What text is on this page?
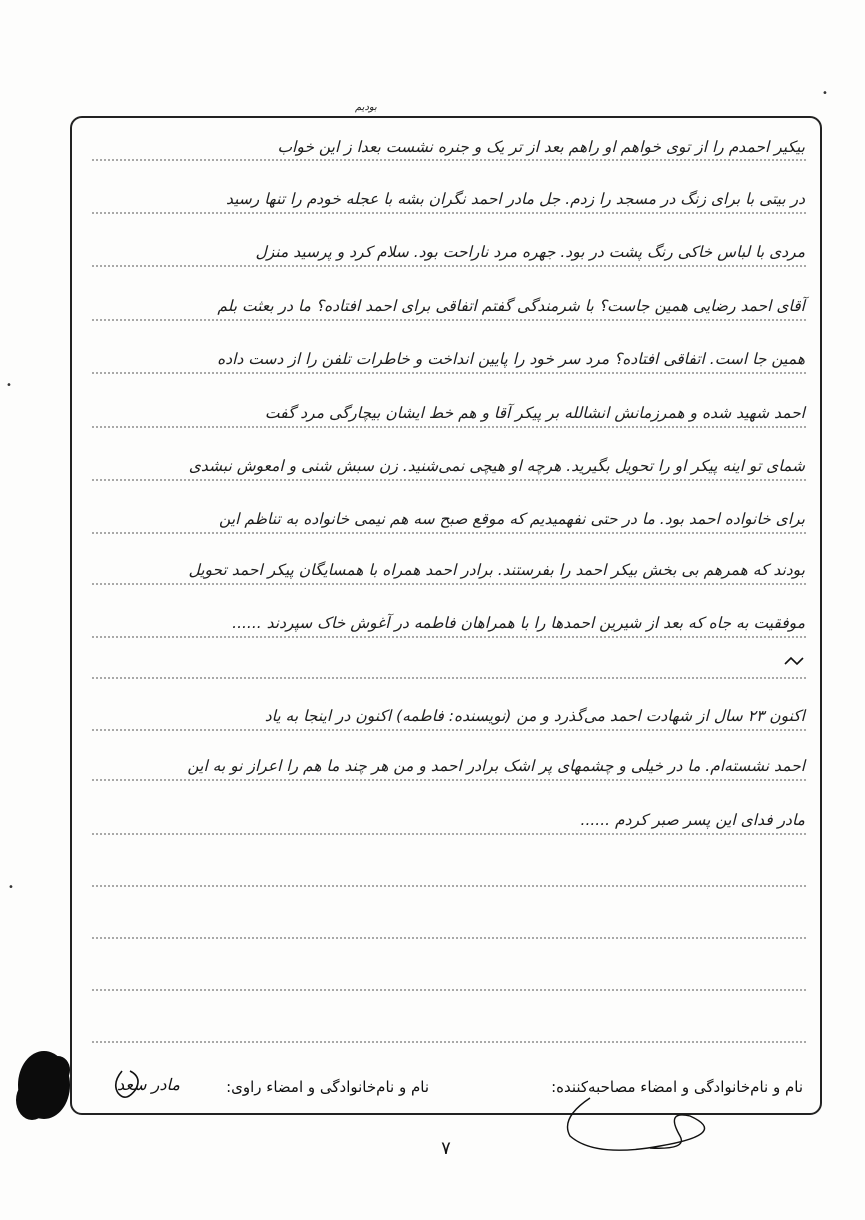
•
•
•
بودیم
بیکیر احمدم را از توی خواهم او راهم بعد از تر یک و جنره نشست بعدا ز این خواب
در بیتی با برای زنگ در مسجد را زدم. جل مادر احمد نگران بشه با عجله خودم را تنها رسید
مردی با لباس خاکی رنگ پشت در بود. جهره مرد ناراحت بود. سلام کرد و پرسید منزل
آقای احمد رضایی همین جاست؟ با شرمندگی گفتم اتفاقی برای احمد افتاده؟ ما در بعثت بلم
همین جا است. اتفاقی افتاده؟ مرد سر خود را پایین انداخت و خاطرات تلفن را از دست داده
احمد شهید شده و همرزمانش انشالله بر پیکر آقا و هم خط ایشان بیچارگی مرد گفت
شمای تو اینه پیکر او را تحویل بگیرید. هرچه او هیچی نمی‌شنید. زن سبش شنی و امعوش نبشدی
برای خانواده احمد بود. ما در حتی نفهمیدیم که موقع صبح سه هم نیمی خانواده به تناظم این
بودند که همرهم بی بخش بیکر احمد را بفرستند. برادر احمد همراه با همسایگان پیکر احمد تحویل
موفقیت به جاه که بعد از شیرین احمدها را با همراهان فاطمه در آغوش خاک سپردند ......
اکنون ۲۳ سال از شهادت احمد می‌گذرد و من (نویسنده: فاطمه) اکنون در اینجا به یاد
احمد نشسته‌ام. ما در خیلی و چشمهای پر اشک برادر احمد و من هر چند ما هم را اعراز نو به این
مادر فدای این پسر صبر کردم ......
نام و نام‌خانوادگی و امضاء مصاحبه‌کننده:
نام و نام‌خانوادگی و امضاء راوی:
مادر سعد
۷
